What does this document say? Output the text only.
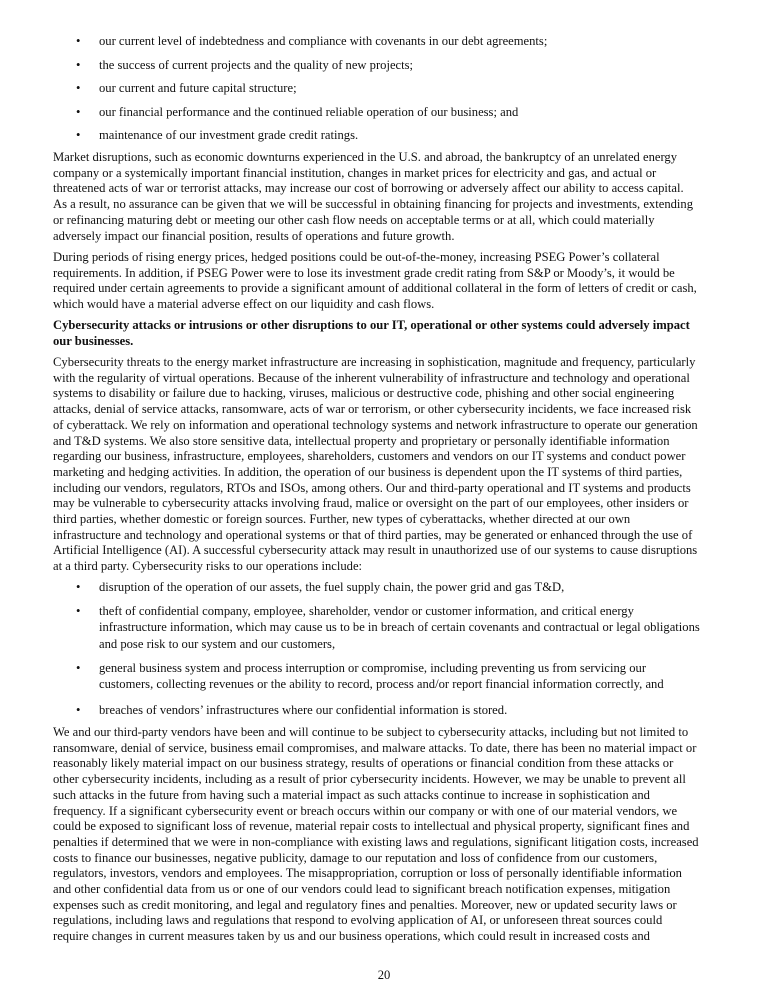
• our current level of indebtedness and compliance with covenants in our debt agreements;
• the success of current projects and the quality of new projects;
• our current and future capital structure;
• our financial performance and the continued reliable operation of our business; and
• maintenance of our investment grade credit ratings.
Market disruptions, such as economic downturns experienced in the U.S. and abroad, the bankruptcy of an unrelated energy
company or a systemically important financial institution, changes in market prices for electricity and gas, and actual or
threatened acts of war or terrorist attacks, may increase our cost of borrowing or adversely affect our ability to access capital.
As a result, no assurance can be given that we will be successful in obtaining financing for projects and investments, extending
or refinancing maturing debt or meeting our other cash flow needs on acceptable terms or at all, which could materially
adversely impact our financial position, results of operations and future growth.
During periods of rising energy prices, hedged positions could be out-of-the-money, increasing PSEG Power’s collateral
requirements. In addition, if PSEG Power were to lose its investment grade credit rating from S&P or Moody’s, it would be
required under certain agreements to provide a significant amount of additional collateral in the form of letters of credit or cash,
which would have a material adverse effect on our liquidity and cash flows.
Cybersecurity attacks or intrusions or other disruptions to our IT, operational or other systems could adversely impact
our businesses.
Cybersecurity threats to the energy market infrastructure are increasing in sophistication, magnitude and frequency, particularly
with the regularity of virtual operations. Because of the inherent vulnerability of infrastructure and technology and operational
systems to disability or failure due to hacking, viruses, malicious or destructive code, phishing and other social engineering
attacks, denial of service attacks, ransomware, acts of war or terrorism, or other cybersecurity incidents, we face increased risk
of cyberattack. We rely on information and operational technology systems and network infrastructure to operate our generation
and T&D systems. We also store sensitive data, intellectual property and proprietary or personally identifiable information
regarding our business, infrastructure, employees, shareholders, customers and vendors on our IT systems and conduct power
marketing and hedging activities. In addition, the operation of our business is dependent upon the IT systems of third parties,
including our vendors, regulators, RTOs and ISOs, among others. Our and third-party operational and IT systems and products
may be vulnerable to cybersecurity attacks involving fraud, malice or oversight on the part of our employees, other insiders or
third parties, whether domestic or foreign sources. Further, new types of cyberattacks, whether directed at our own
infrastructure and technology and operational systems or that of third parties, may be generated or enhanced through the use of
Artificial Intelligence (AI). A successful cybersecurity attack may result in unauthorized use of our systems to cause disruptions
at a third party. Cybersecurity risks to our operations include:
• disruption of the operation of our assets, the fuel supply chain, the power grid and gas T&D,
• theft of confidential company, employee, shareholder, vendor or customer information, and critical energy
infrastructure information, which may cause us to be in breach of certain covenants and contractual or legal obligations
and pose risk to our system and our customers,
• general business system and process interruption or compromise, including preventing us from servicing our
customers, collecting revenues or the ability to record, process and/or report financial information correctly, and
• breaches of vendors’ infrastructures where our confidential information is stored.
We and our third-party vendors have been and will continue to be subject to cybersecurity attacks, including but not limited to
ransomware, denial of service, business email compromises, and malware attacks. To date, there has been no material impact or
reasonably likely material impact on our business strategy, results of operations or financial condition from these attacks or
other cybersecurity incidents, including as a result of prior cybersecurity incidents. However, we may be unable to prevent all
such attacks in the future from having such a material impact as such attacks continue to increase in sophistication and
frequency. If a significant cybersecurity event or breach occurs within our company or with one of our material vendors, we
could be exposed to significant loss of revenue, material repair costs to intellectual and physical property, significant fines and
penalties if determined that we were in non-compliance with existing laws and regulations, significant litigation costs, increased
costs to finance our businesses, negative publicity, damage to our reputation and loss of confidence from our customers,
regulators, investors, vendors and employees. The misappropriation, corruption or loss of personally identifiable information
and other confidential data from us or one of our vendors could lead to significant breach notification expenses, mitigation
expenses such as credit monitoring, and legal and regulatory fines and penalties. Moreover, new or updated security laws or
regulations, including laws and regulations that respond to evolving application of AI, or unforeseen threat sources could
require changes in current measures taken by us and our business operations, which could result in increased costs and
20
